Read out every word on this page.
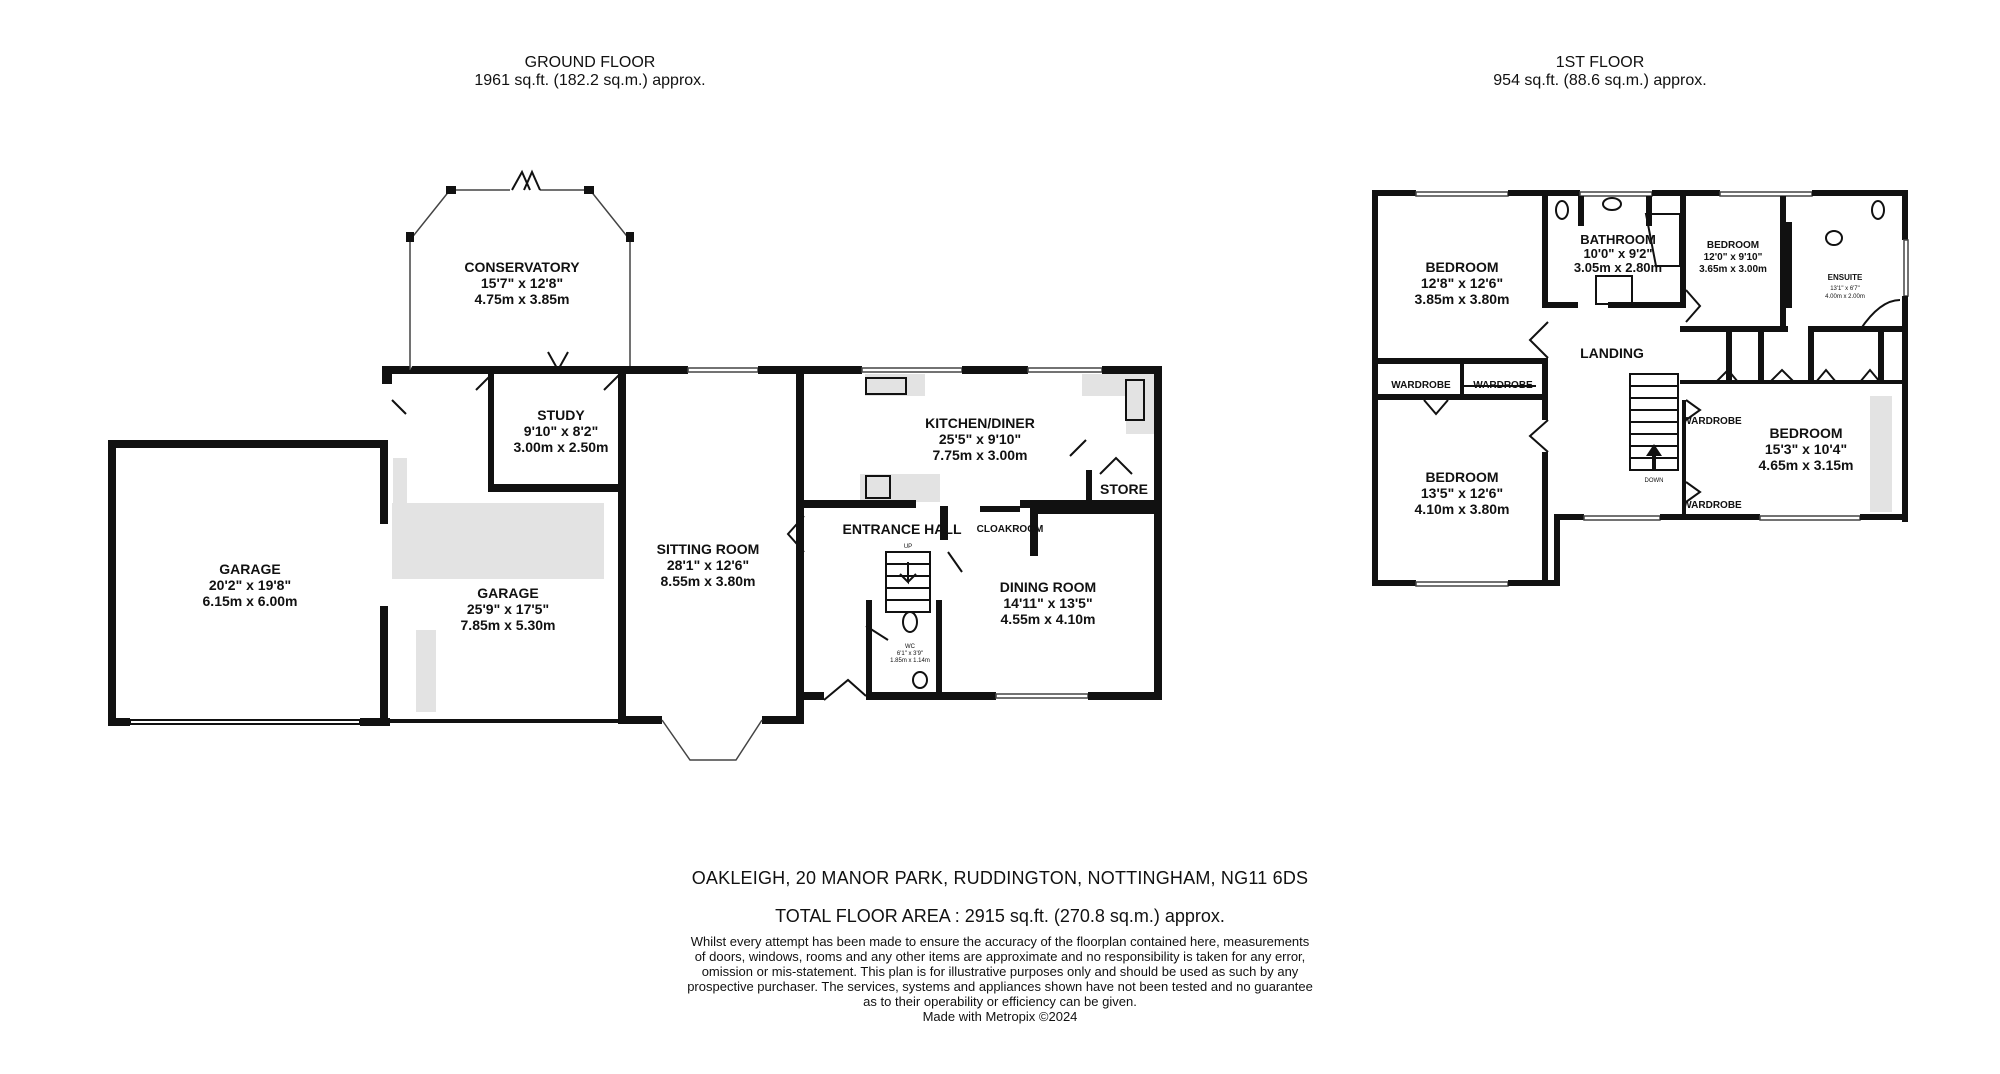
GROUND FLOOR
1961 sq.ft. (182.2 sq.m.) approx.
1ST FLOOR
954 sq.ft. (88.6 sq.m.) approx.
CONSERVATORY
15'7" x 12'8"
4.75m x 3.85m
STUDY
9'10" x 8'2"
3.00m x 2.50m
KITCHEN/DINER
25'5" x 9'10"
7.75m x 3.00m
GARAGE
20'2" x 19'8"
6.15m x 6.00m	GARAGE
25'9" x 17'5"
7.85m x 5.30m
SITTING ROOM
28'1" x 12'6"
8.55m x 3.80m
ENTRANCE HALL CLOAKROOM
STORE
DINING ROOM
14'11" x 13'5"
4.55m x 4.10m
WC
6'1" x 3'9"
1.85m x 1.14m
UP
BEDROOM
12'8" x 12'6"
3.85m x 3.80m
BATHROOM
10'0" x 9'2"
3.05m x 2.80m
BEDROOM
12'0" x 9'10"
3.65m x 3.00m
ENSUITE
13'1" x 6'7"
4.00m x 2.00m
LANDING
WARDROBE WARDROBE
WARDROBE
WARDROBE
BEDROOM
13'5" x 12'6"
4.10m x 3.80m
BEDROOM
15'3" x 10'4"
4.65m x 3.15m
DOWN
OAKLEIGH, 20 MANOR PARK, RUDDINGTON, NOTTINGHAM, NG11 6DS
TOTAL FLOOR AREA : 2915 sq.ft. (270.8 sq.m.) approx.
Whilst every attempt has been made to ensure the accuracy of the floorplan contained here, measurements
of doors, windows, rooms and any other items are approximate and no responsibility is taken for any error,
omission or mis-statement. This plan is for illustrative purposes only and should be used as such by any
prospective purchaser. The services, systems and appliances shown have not been tested and no guarantee
as to their operability or efficiency can be given.
Made with Metropix ©2024
